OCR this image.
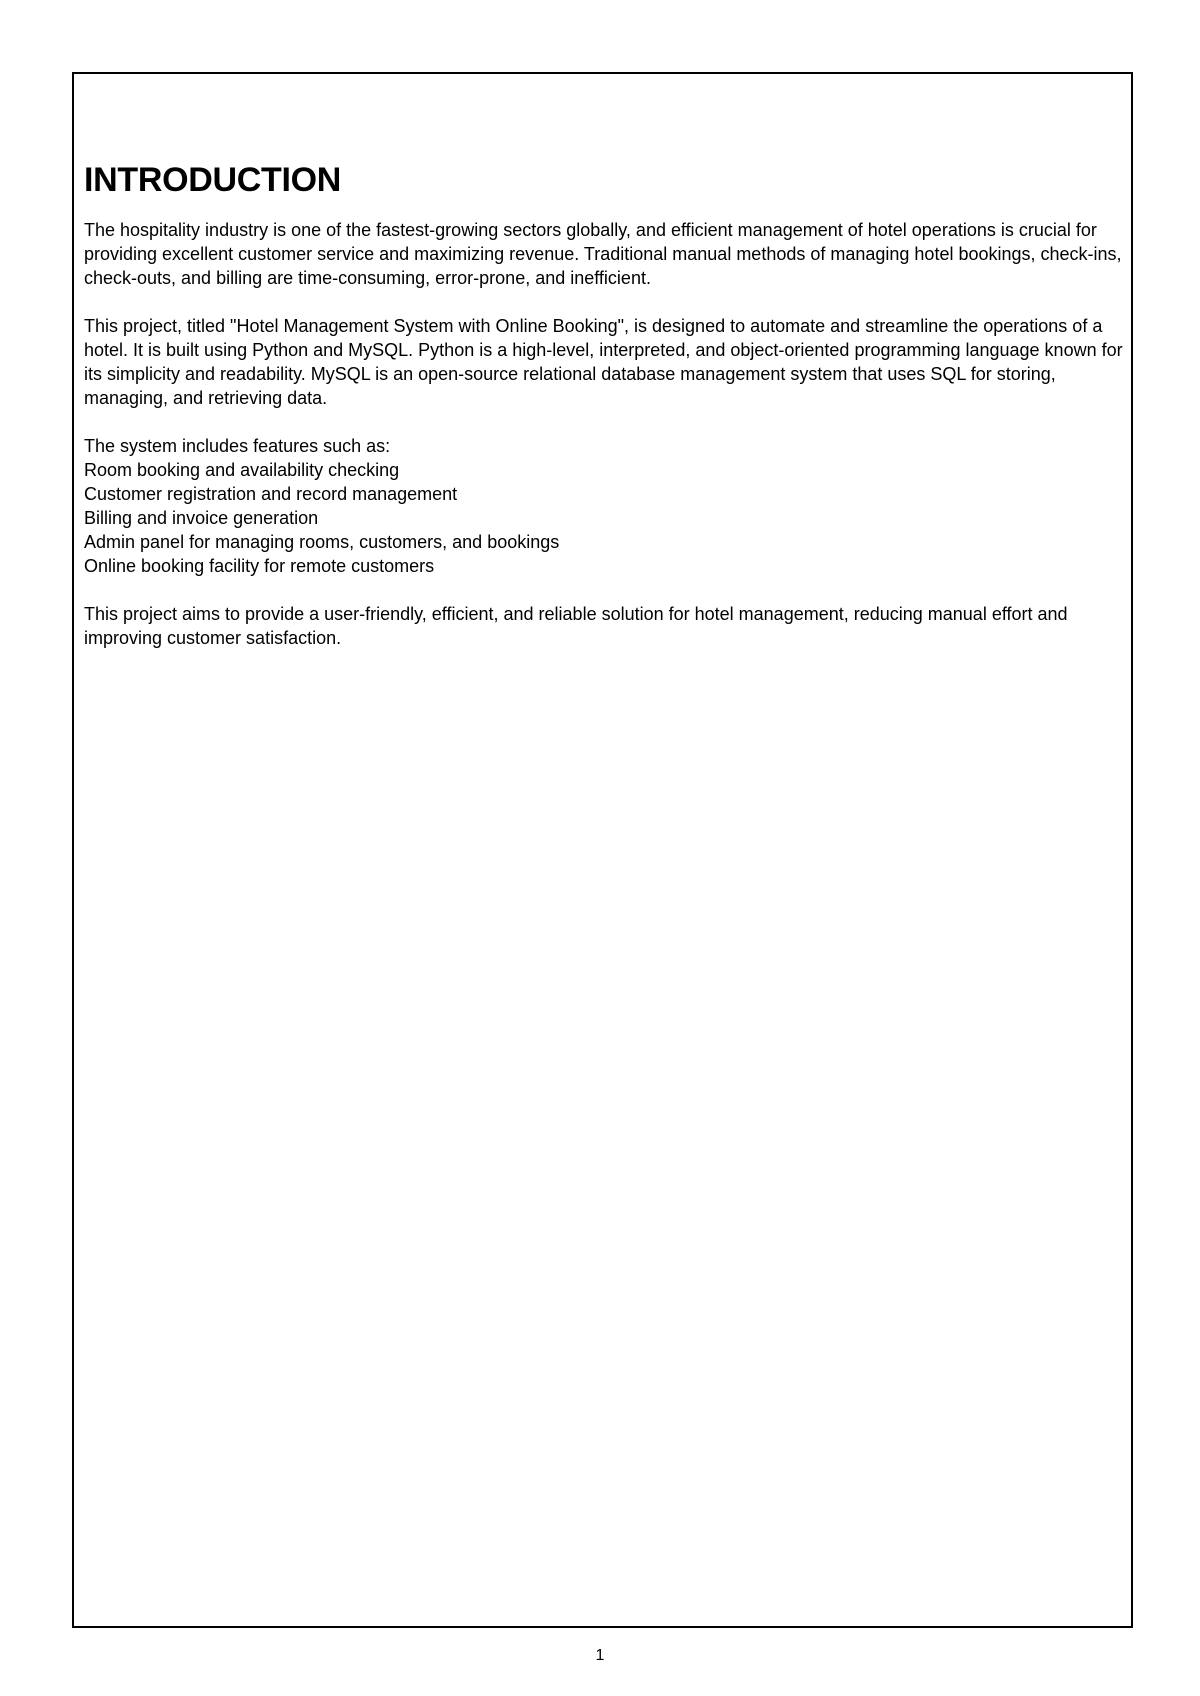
INTRODUCTION

The hospitality industry is one of the fastest-growing sectors globally, and efficient management of hotel operations is crucial for providing excellent customer service and maximizing revenue. Traditional manual methods of managing hotel bookings, check-ins, check-outs, and billing are time-consuming, error-prone, and inefficient.

This project, titled "Hotel Management System with Online Booking", is designed to automate and streamline the operations of a hotel. It is built using Python and MySQL. Python is a high-level, interpreted, and object-oriented programming language known for its simplicity and readability. MySQL is an open-source relational database management system that uses SQL for storing, managing, and retrieving data.

The system includes features such as:

Room booking and availability checking
Customer registration and record management
Billing and invoice generation
Admin panel for managing rooms, customers, and bookings
Online booking facility for remote customers

This project aims to provide a user-friendly, efficient, and reliable solution for hotel management, reducing manual effort and improving customer satisfaction.

1
